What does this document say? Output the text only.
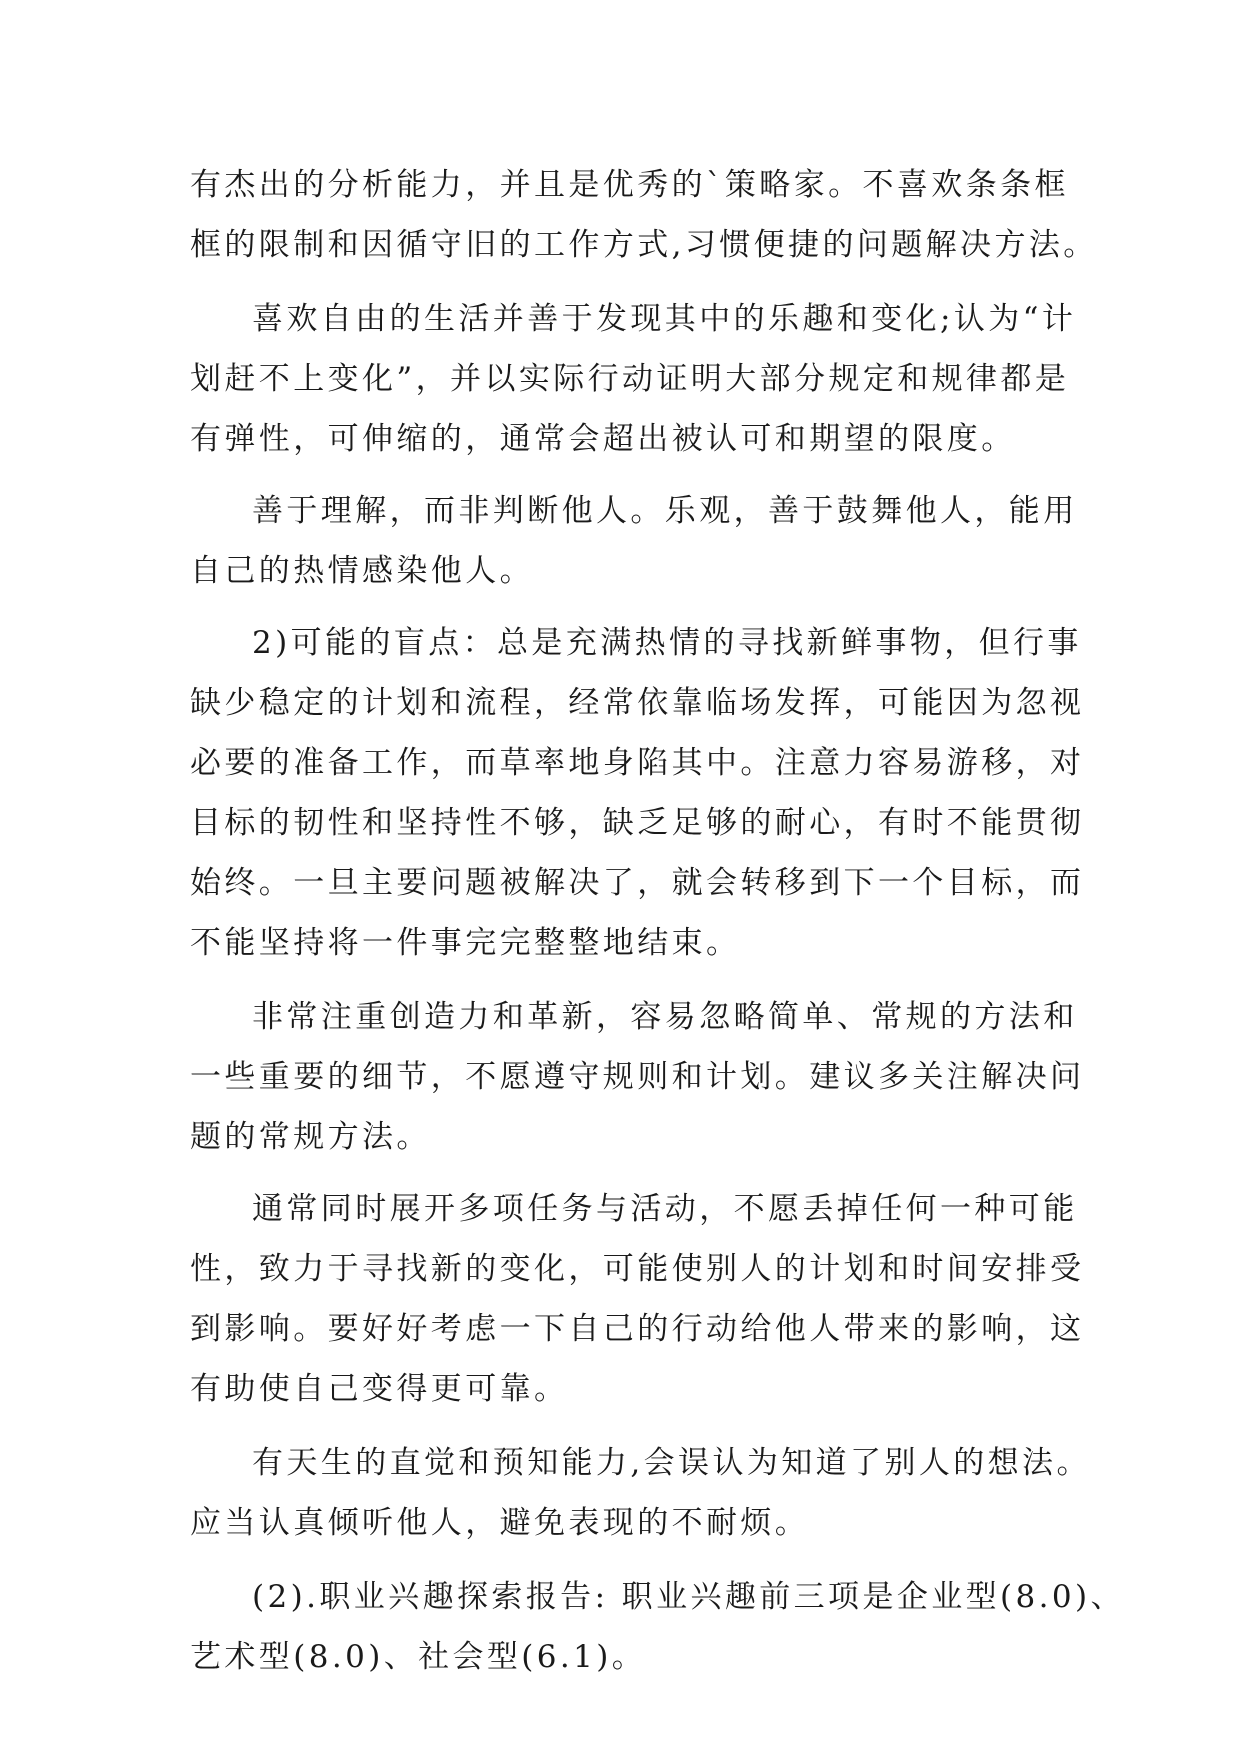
有杰出的分析能力，并且是优秀的`策略家。不喜欢条条框
框的限制和因循守旧的工作方式,习惯便捷的问题解决方法。
喜欢自由的生活并善于发现其中的乐趣和变化;认为“计
划赶不上变化”，并以实际行动证明大部分规定和规律都是
有弹性，可伸缩的，通常会超出被认可和期望的限度。
善于理解，而非判断他人。乐观，善于鼓舞他人，能用
自己的热情感染他人。
2)可能的盲点：总是充满热情的寻找新鲜事物，但行事
缺少稳定的计划和流程，经常依靠临场发挥，可能因为忽视
必要的准备工作，而草率地身陷其中。注意力容易游移，对
目标的韧性和坚持性不够，缺乏足够的耐心，有时不能贯彻
始终。一旦主要问题被解决了，就会转移到下一个目标，而
不能坚持将一件事完完整整地结束。
非常注重创造力和革新，容易忽略简单、常规的方法和
一些重要的细节，不愿遵守规则和计划。建议多关注解决问
题的常规方法。
通常同时展开多项任务与活动，不愿丢掉任何一种可能
性，致力于寻找新的变化，可能使别人的计划和时间安排受
到影响。要好好考虑一下自己的行动给他人带来的影响，这
有助使自己变得更可靠。
有天生的直觉和预知能力,会误认为知道了别人的想法。
应当认真倾听他人，避免表现的不耐烦。
(2).职业兴趣探索报告: 职业兴趣前三项是企业型(8.0)、
艺术型(8.0)、社会型(6.1)。
